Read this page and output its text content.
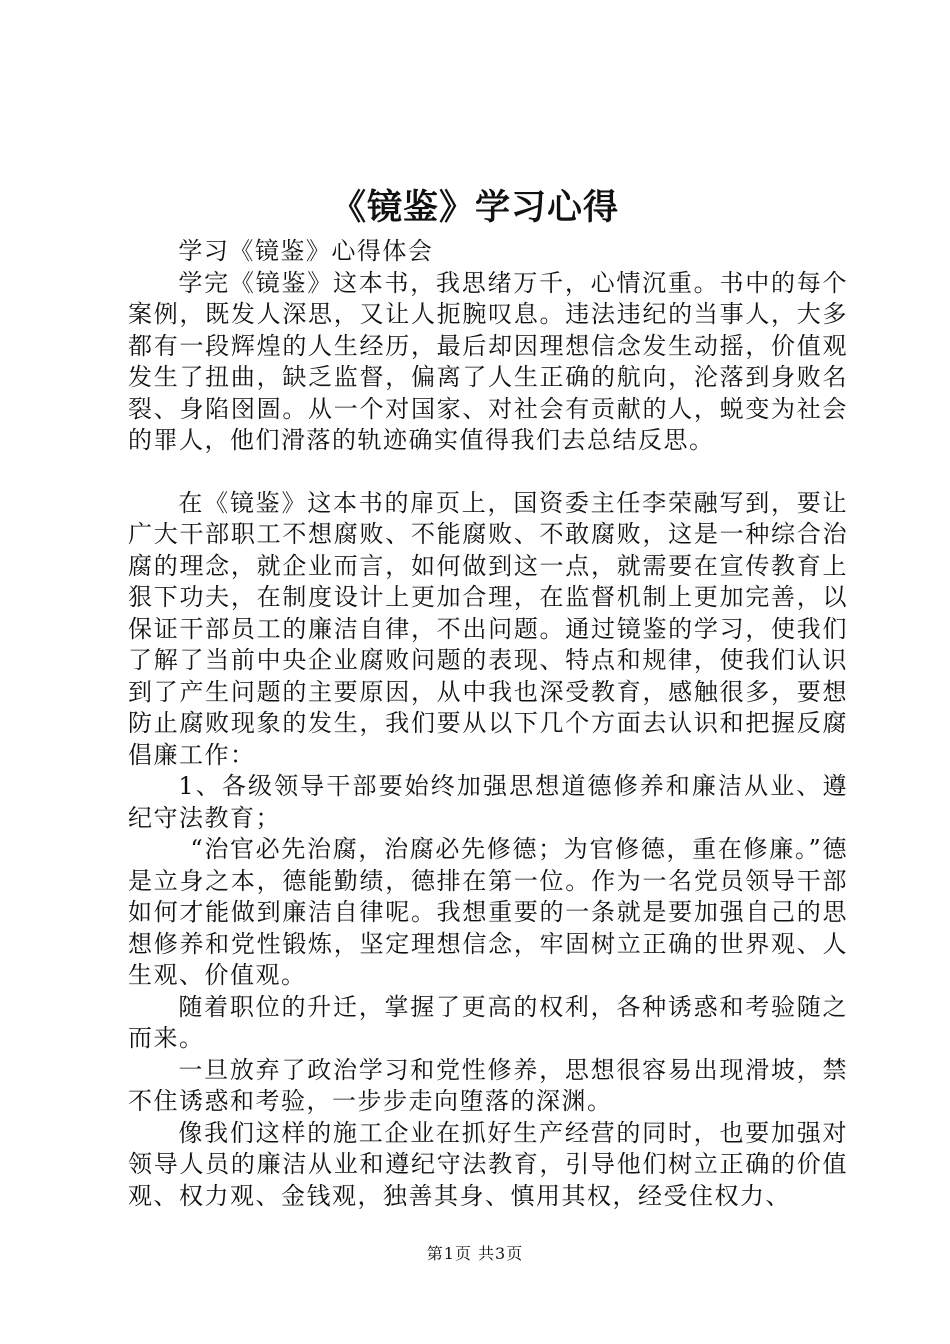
《镜鉴》学习心得

学习《镜鉴》心得体会

学完《镜鉴》这本书，我思绪万千，心情沉重。书中的每个案例，既发人深思，又让人扼腕叹息。违法违纪的当事人，大多都有一段辉煌的人生经历，最后却因理想信念发生动摇，价值观发生了扭曲，缺乏监督，偏离了人生正确的航向，沦落到身败名裂、身陷囹圄。从一个对国家、对社会有贡献的人，蜕变为社会的罪人，他们滑落的轨迹确实值得我们去总结反思。

在《镜鉴》这本书的扉页上，国资委主任李荣融写到，要让广大干部职工不想腐败、不能腐败、不敢腐败，这是一种综合治腐的理念，就企业而言，如何做到这一点，就需要在宣传教育上狠下功夫，在制度设计上更加合理，在监督机制上更加完善，以保证干部员工的廉洁自律，不出问题。通过镜鉴的学习，使我们了解了当前中央企业腐败问题的表现、特点和规律，使我们认识到了产生问题的主要原因，从中我也深受教育，感触很多，要想防止腐败现象的发生，我们要从以下几个方面去认识和把握反腐倡廉工作：

1、各级领导干部要始终加强思想道德修养和廉洁从业、遵纪守法教育；

“治官必先治腐，治腐必先修德；为官修德，重在修廉。”德是立身之本，德能勤绩，德排在第一位。作为一名党员领导干部如何才能做到廉洁自律呢。我想重要的一条就是要加强自己的思想修养和党性锻炼，坚定理想信念，牢固树立正确的世界观、人生观、价值观。

随着职位的升迁，掌握了更高的权利，各种诱惑和考验随之而来。

一旦放弃了政治学习和党性修养，思想很容易出现滑坡，禁不住诱惑和考验，一步步走向堕落的深渊。

像我们这样的施工企业在抓好生产经营的同时，也要加强对领导人员的廉洁从业和遵纪守法教育，引导他们树立正确的价值观、权力观、金钱观，独善其身、慎用其权，经受住权力、

第1页 共3页
